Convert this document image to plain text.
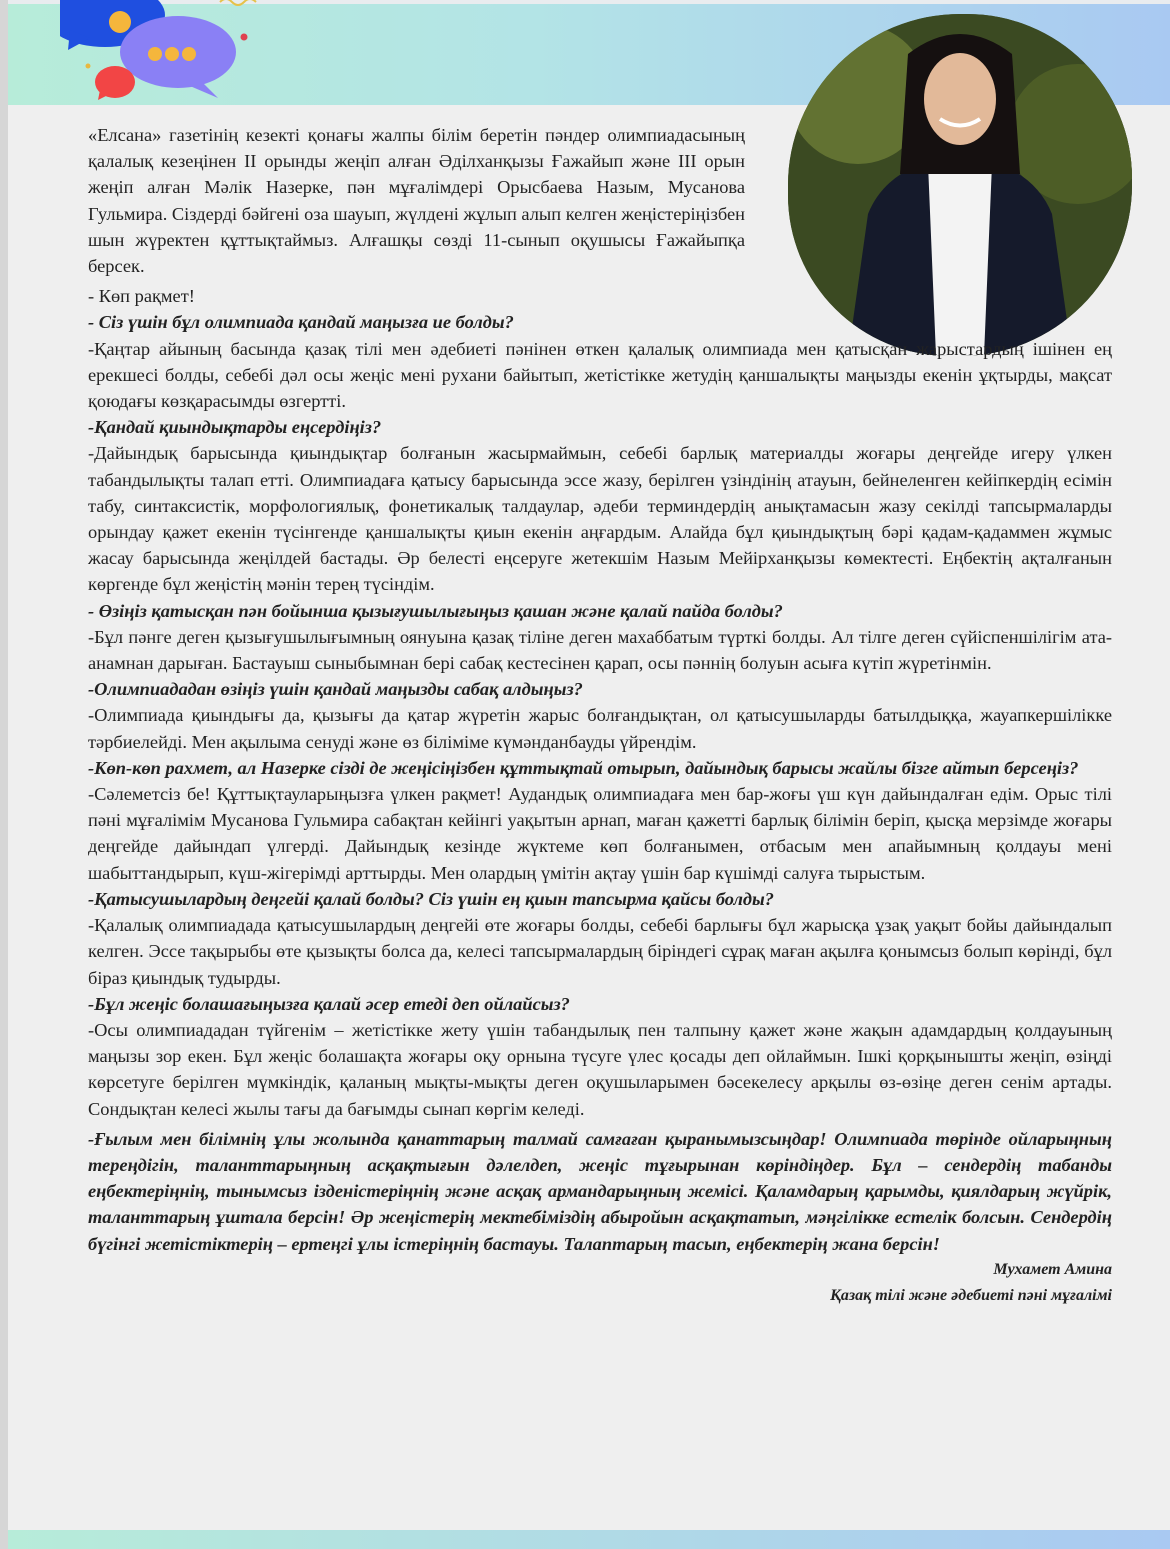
«Елсана» газетінің кезекті қонағы жалпы білім беретін пәндер олимпиадасының қалалық кезеңінен II орынды жеңіп алған Әділханқызы Ғажайып және III орын жеңіп алған Мәлік Назерке, пән мұғалімдері Орысбаева Назым, Мусанова Гульмира. Сіздерді бәйгені оза шауып, жүлдені жұлып алып келген жеңістеріңізбен шын жүректен құттықтаймыз. Алғашқы сөзді 11-сынып оқушысы Ғажайыпқа берсек.

- Көп рақмет!

- Сіз үшін бұл олимпиада қандай маңызға ие болды?

-Қаңтар айының басында қазақ тілі мен әдебиеті пәнінен өткен қалалық олимпиада мен қатысқан жарыстардың ішінен ең ерекшесі болды, себебі дәл осы жеңіс мені рухани байытып, жетістікке жетудің қаншалықты маңызды екенін ұқтырды, мақсат қоюдағы көзқарасымды өзгертті.

-Қандай қиындықтарды еңсердіңіз?

-Дайындық барысында қиындықтар болғанын жасырмаймын, себебі барлық материалды жоғары деңгейде игеру үлкен табандылықты талап етті. Олимпиадаға қатысу барысында эссе жазу, берілген үзіндінің атауын, бейнеленген кейіпкердің есімін табу, синтаксистік, морфологиялық, фонетикалық талдаулар, әдеби терминдердің анықтамасын жазу секілді тапсырмаларды орындау қажет екенін түсінгенде қаншалықты қиын екенін аңғардым. Алайда бұл қиындықтың бәрі қадам-қадаммен жұмыс жасау барысында жеңілдей бастады. Әр белесті еңсеруге жетекшім Назым Мейірханқызы көмектесті. Еңбектің ақталғанын көргенде бұл жеңістің мәнін терең түсіндім.

- Өзіңіз қатысқан пән бойынша қызығушылығыңыз қашан және қалай пайда болды?

-Бұл пәнге деген қызығушылығымның оянуына қазақ тіліне деген махаббатым түрткі болды. Ал тілге деген сүйіспеншілігім ата-анамнан дарыған. Бастауыш сыныбымнан бері сабақ кестесінен қарап, осы пәннің болуын асыға күтіп жүретінмін.

-Олимпиададан өзіңіз үшін қандай маңызды сабақ алдыңыз?

-Олимпиада қиындығы да, қызығы да қатар жүретін жарыс болғандықтан, ол қатысушыларды батылдыққа, жауапкершілікке тәрбиелейді. Мен ақылыма сенуді және өз біліміме күмәнданбауды үйрендім.

-Көп-көп рахмет, ал Назерке сізді де жеңісіңізбен құттықтай отырып, дайындық барысы жайлы бізге айтып берсеңіз?

-Сәлеметсіз бе! Құттықтауларыңызға үлкен рақмет! Аудандық олимпиадаға мен бар-жоғы үш күн дайындалған едім. Орыс тілі пәні мұғалімім Мусанова Гульмира сабақтан кейінгі уақытын арнап, маған қажетті барлық білімін беріп, қысқа мерзімде жоғары деңгейде дайындап үлгерді. Дайындық кезінде жүктеме көп болғанымен, отбасым мен апайымның қолдауы мені шабыттандырып, күш-жігерімді арттырды. Мен олардың үмітін ақтау үшін бар күшімді салуға тырыстым.

-Қатысушылардың деңгейі қалай болды? Сіз үшін ең қиын тапсырма қайсы болды?

-Қалалық олимпиадада қатысушылардың деңгейі өте жоғары болды, себебі барлығы бұл жарысқа ұзақ уақыт бойы дайындалып келген. Эссе тақырыбы өте қызықты болса да, келесі тапсырмалардың біріндегі сұрақ маған ақылға қонымсыз болып көрінді, бұл біраз қиындық тудырды.

-Бұл жеңіс болашағыңызға қалай әсер етеді деп ойлайсыз?

-Осы олимпиададан түйгенім – жетістікке жету үшін табандылық пен талпыну қажет және жақын адамдардың қолдауының маңызы зор екен. Бұл жеңіс болашақта жоғары оқу орнына түсуге үлес қосады деп ойлаймын. Ішкі қорқынышты жеңіп, өзіңді көрсетуге берілген мүмкіндік, қаланың мықты-мықты деген оқушыларымен бәсекелесу арқылы өз-өзіңе деген сенім артады. Сондықтан келесі жылы тағы да бағымды сынап көргім келеді.

-Ғылым мен білімнің ұлы жолында қанаттарың талмай самғаған қыранымызсыңдар! Олимпиада төрінде ойларыңның тереңдігін, таланттарыңның асқақтығын дәлелдеп, жеңіс тұғырынан көріндіңдер. Бұл – сендердің табанды еңбектеріңнің, тынымсыз ізденістеріңнің және асқақ армандарыңның жемісі. Қаламдарың қарымды, қиялдарың жүйрік, таланттарың ұштала берсін! Әр жеңістерің мектебіміздің абыройын асқақтатып, мәңгілікке естелік болсын. Сендердің бүгінгі жетістіктерің – ертеңгі ұлы істеріңнің бастауы. Талаптарың тасып, еңбектерің жана берсін!

Мухамет Амина

Қазақ тілі және әдебиеті пәні мұғалімі
